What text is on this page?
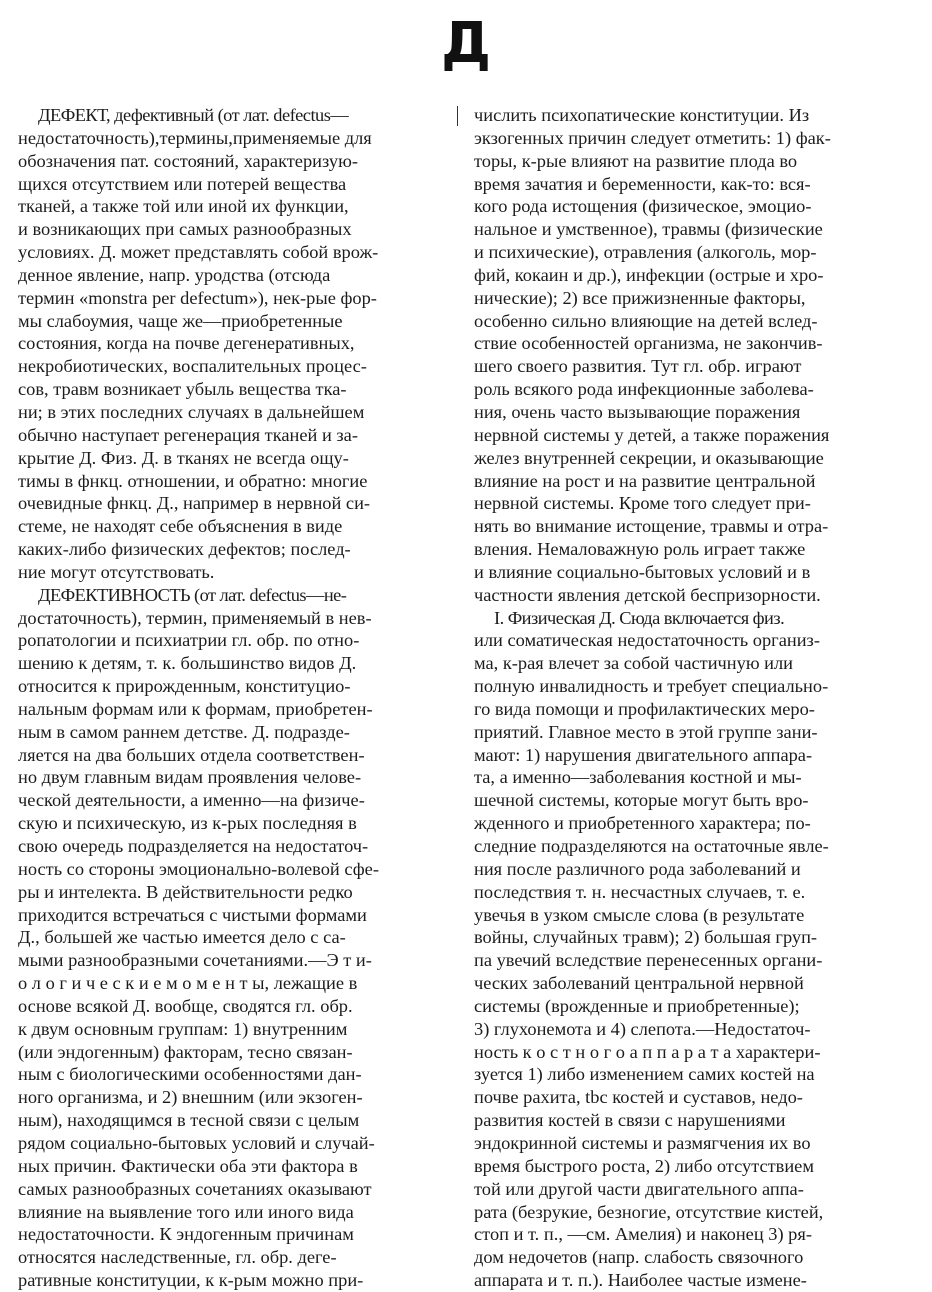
Д
ДЕФЕКТ, дефективный (от лат. defectus—
недостаточность),термины,применяемые для
обозначения пат. состояний, характеризую-
щихся отсутствием или потерей вещества
тканей, а также той или иной их функции,
и возникающих при самых разнообразных
условиях. Д. может представлять собой врож-
денное явление, напр. уродства (отсюда
термин «monstra per defectum»), нек-рые фор-
мы слабоумия, чаще же—приобретенные
состояния, когда на почве дегенеративных,
некробиотических, воспалительных процес-
сов, травм возникает убыль вещества тка-
ни; в этих последних случаях в дальнейшем
обычно наступает регенерация тканей и за-
крытие Д. Физ. Д. в тканях не всегда ощу-
тимы в фнкц. отношении, и обратно: многие
очевидные фнкц. Д., например в нервной си-
стеме, не находят себе объяснения в виде
каких-либо физических дефектов; послед-
ние могут отсутствовать.
ДЕФЕКТИВНОСТЬ (от лат. defectus—не-
достаточность), термин, применяемый в нев-
ропатологии и психиатрии гл. обр. по отно-
шению к детям, т. к. большинство видов Д.
относится к прирожденным, конституцио-
нальным формам или к формам, приобретен-
ным в самом раннем детстве. Д. подразде-
ляется на два больших отдела соответствен-
но двум главным видам проявления челове-
ческой деятельности, а именно—на физиче-
скую и психическую, из к-рых последняя в
свою очередь подразделяется на недостаточ-
ность со стороны эмоционально-волевой сфе-
ры и интелекта. В действительности редко
приходится встречаться с чистыми формами
Д., большей же частью имеется дело с са-
мыми разнообразными сочетаниями.—Э т и-
о л о г и ч е с к и е м о м е н т ы, лежащие в
основе всякой Д. вообще, сводятся гл. обр.
к двум основным группам: 1) внутренним
(или эндогенным) факторам, тесно связан-
ным с биологическими особенностями дан-
ного организма, и 2) внешним (или экзоген-
ным), находящимся в тесной связи с целым
рядом социально-бытовых условий и случай-
ных причин. Фактически оба эти фактора в
самых разнообразных сочетаниях оказывают
влияние на выявление того или иного вида
недостаточности. К эндогенным причинам
относятся наследственные, гл. обр. деге-
ративные конституции, к к-рым можно при-
числить психопатические конституции. Из
экзогенных причин следует отметить: 1) фак-
торы, к-рые влияют на развитие плода во
время зачатия и беременности, как-то: вся-
кого рода истощения (физическое, эмоцио-
нальное и умственное), травмы (физические
и психические), отравления (алкоголь, мор-
фий, кокаин и др.), инфекции (острые и хро-
нические); 2) все прижизненные факторы,
особенно сильно влияющие на детей вслед-
ствие особенностей организма, не закончив-
шего своего развития. Тут гл. обр. играют
роль всякого рода инфекционные заболева-
ния, очень часто вызывающие поражения
нервной системы у детей, а также поражения
желез внутренней секреции, и оказывающие
влияние на рост и на развитие центральной
нервной системы. Кроме того следует при-
нять во внимание истощение, травмы и отра-
вления. Немаловажную роль играет также
и влияние социально-бытовых условий и в
частности явления детской беспризорности.
I. Физическая Д. Сюда включается физ.
или соматическая недостаточность организ-
ма, к-рая влечет за собой частичную или
полную инвалидность и требует специально-
го вида помощи и профилактических меро-
приятий. Главное место в этой группе зани-
мают: 1) нарушения двигательного аппара-
та, а именно—заболевания костной и мы-
шечной системы, которые могут быть вро-
жденного и приобретенного характера; по-
следние подразделяются на остаточные явле-
ния после различного рода заболеваний и
последствия т. н. несчастных случаев, т. е.
увечья в узком смысле слова (в результате
войны, случайных травм); 2) большая груп-
па увечий вследствие перенесенных органи-
ческих заболеваний центральной нервной
системы (врожденные и приобретенные);
3) глухонемота и 4) слепота.—Недостаточ-
ность к о с т н о г о а п п а р а т а характери-
зуется 1) либо изменением самих костей на
почве рахита, tbc костей и суставов, недо-
развития костей в связи с нарушениями
эндокринной системы и размягчения их во
время быстрого роста, 2) либо отсутствием
той или другой части двигательного аппа-
рата (безрукие, безногие, отсутствие кистей,
стоп и т. п., —см. Амелия) и наконец 3) ря-
дом недочетов (напр. слабость связочного
аппарата и т. п.). Наиболее частые измене-
